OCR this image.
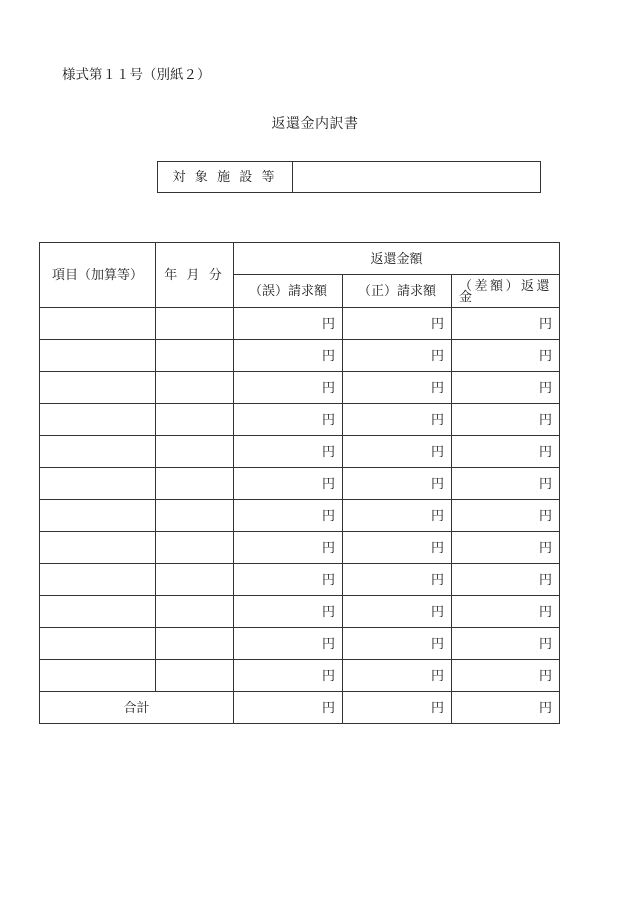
様式第１１号（別紙２）
返還金内訳書
対 象 施 設 等	
項目（加算等）	年 月 分	返還金額		
		（誤）請求額	（正）請求額	（差額）返還金
		円	円	円
		円	円	円
		円	円	円
		円	円	円
		円	円	円
		円	円	円
		円	円	円
		円	円	円
		円	円	円
		円	円	円
		円	円	円
		円	円	円
合計		円	円	円
